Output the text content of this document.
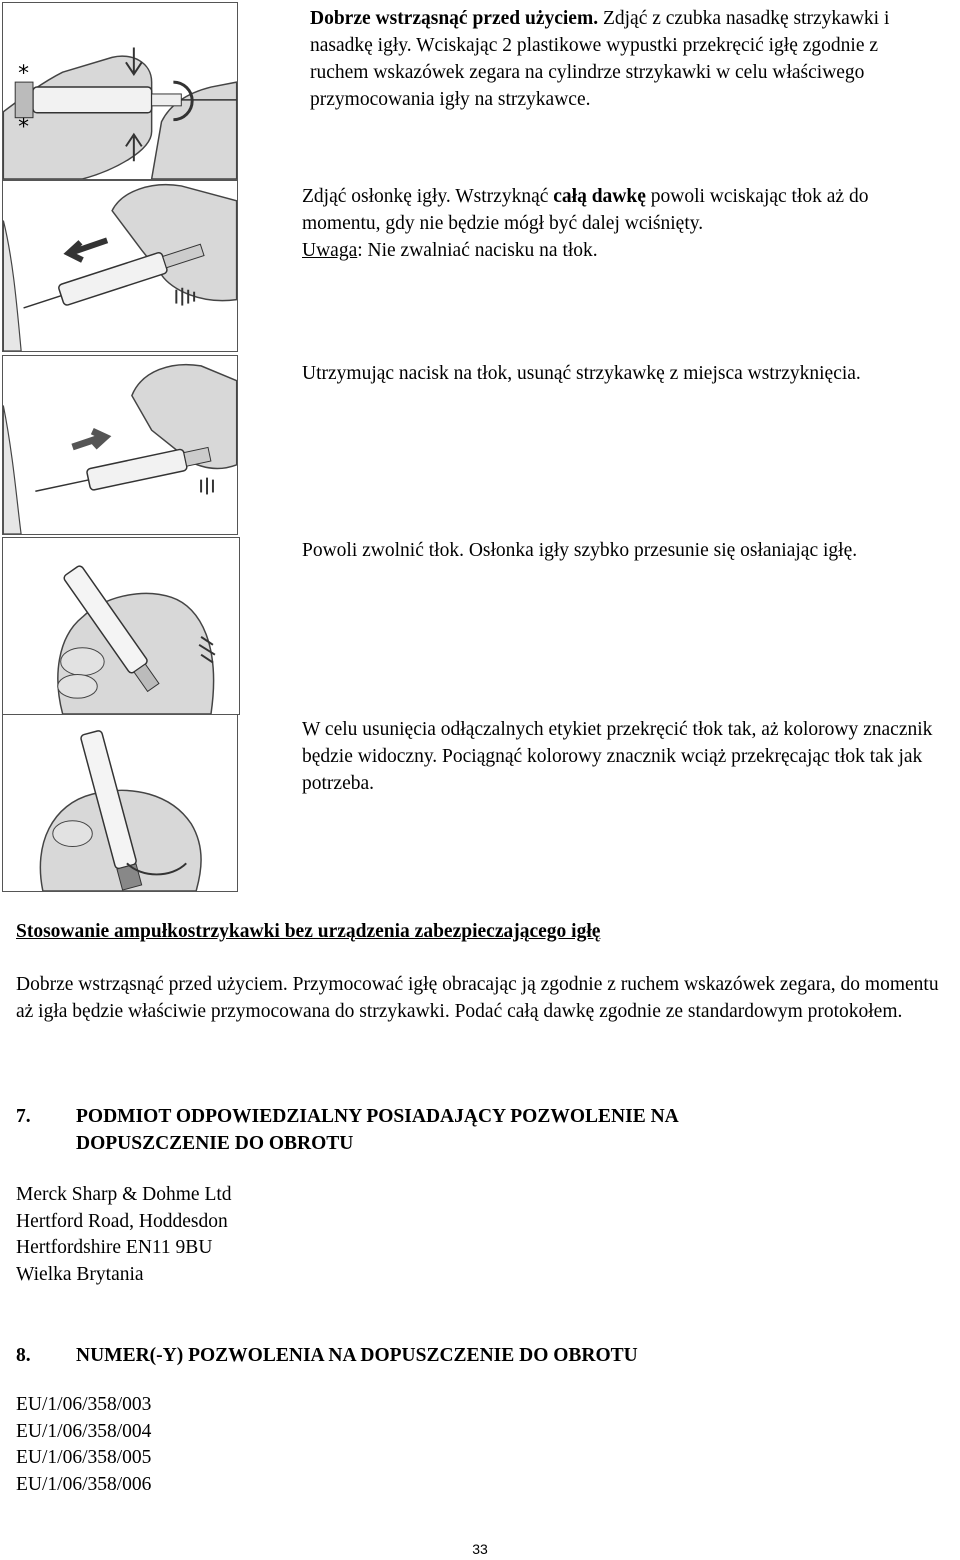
*
*

Dobrze wstrząsnąć przed użyciem. Zdjąć z czubka nasadkę strzykawki i nasadkę igły. Wciskając 2 plastikowe wypustki przekręcić igłę zgodnie z ruchem wskazówek zegara na cylindrze strzykawki w celu właściwego przymocowania igły na strzykawce.

Zdjąć osłonkę igły. Wstrzyknąć całą dawkę powoli wciskając tłok aż do momentu, gdy nie będzie mógł być dalej wciśnięty.

Uwaga: Nie zwalniać nacisku na tłok.

Utrzymując nacisk na tłok, usunąć strzykawkę z miejsca wstrzyknięcia.

Powoli zwolnić tłok. Osłonka igły szybko przesunie się osłaniając igłę.

W celu usunięcia odłączalnych etykiet przekręcić tłok tak, aż kolorowy znacznik będzie widoczny. Pociągnąć kolorowy znacznik wciąż przekręcając tłok tak jak potrzeba.

Stosowanie ampułkostrzykawki bez urządzenia zabezpieczającego igłę

Dobrze wstrząsnąć przed użyciem. Przymocować igłę obracając ją zgodnie z ruchem wskazówek zegara, do momentu aż igła będzie właściwie przymocowana do strzykawki. Podać całą dawkę zgodnie ze standardowym protokołem.

7. PODMIOT ODPOWIEDZIALNY POSIADAJĄCY POZWOLENIE NA
DOPUSZCZENIE DO OBROTU
Merck Sharp & Dohme Ltd
Hertford Road, Hoddesdon
Hertfordshire EN11 9BU
Wielka Brytania
8. NUMER(-Y) POZWOLENIA NA DOPUSZCZENIE DO OBROTU
EU/1/06/358/003
EU/1/06/358/004
EU/1/06/358/005
EU/1/06/358/006
33
